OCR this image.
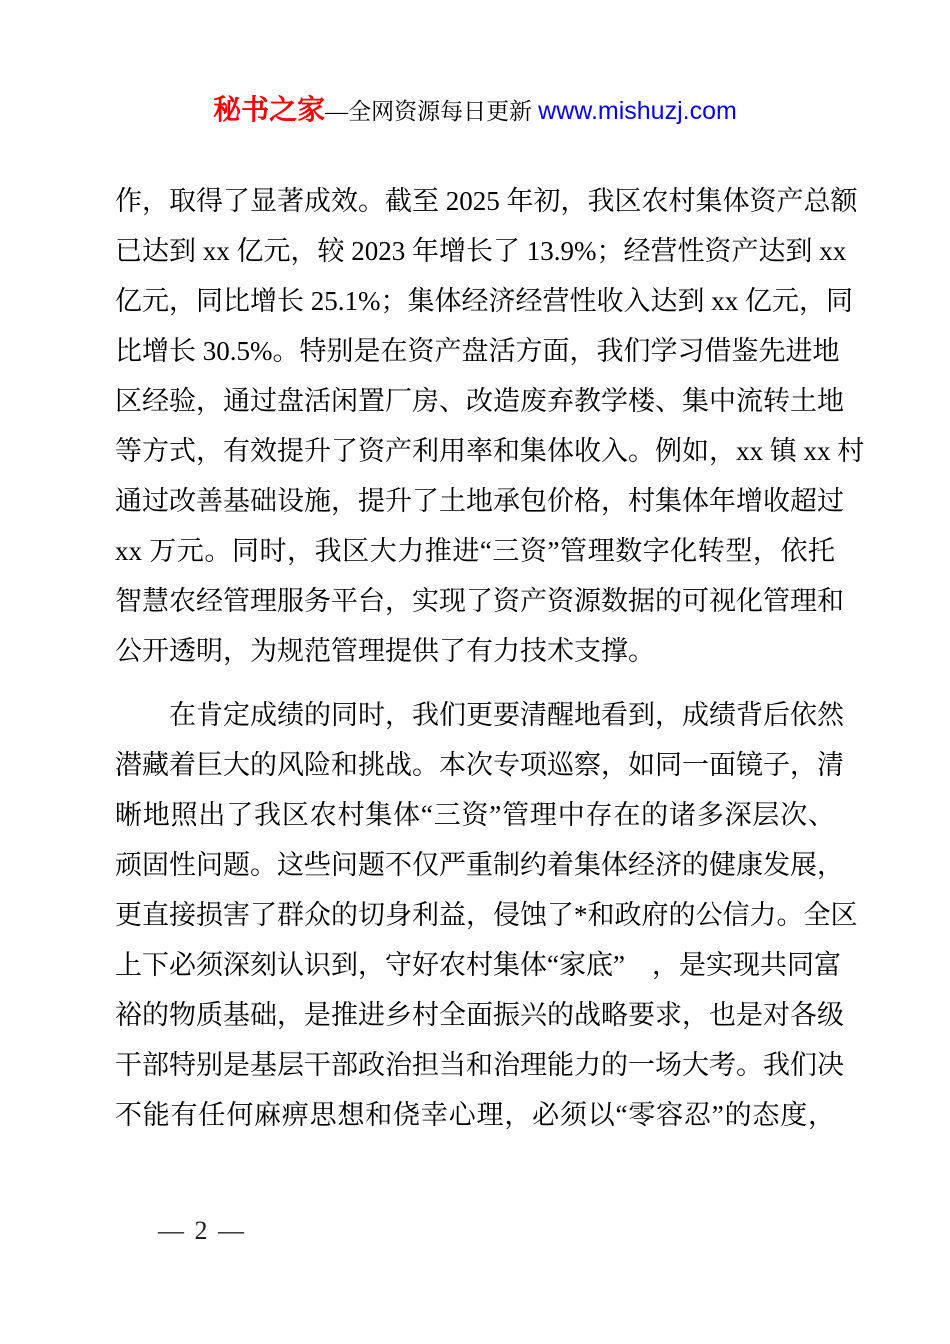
秘书之家—全网资源每日更新 www.mishuzj.com
作，取得了显著成效。截至 2025 年初，我区农村集体资产总额
已达到 xx 亿元，较 2023 年增长了 13.9%；经营性资产达到 xx
亿元，同比增长 25.1%；集体经济经营性收入达到 xx 亿元，同
比增长 30.5%。特别是在资产盘活方面，我们学习借鉴先进地
区经验，通过盘活闲置厂房、改造废弃教学楼、集中流转土地
等方式，有效提升了资产利用率和集体收入。例如，xx 镇 xx 村
通过改善基础设施，提升了土地承包价格，村集体年增收超过
xx 万元。同时，我区大力推进“三资”管理数字化转型，依托
智慧农经管理服务平台，实现了资产资源数据的可视化管理和
公开透明，为规范管理提供了有力技术支撑。
在肯定成绩的同时，我们更要清醒地看到，成绩背后依然
潜藏着巨大的风险和挑战。本次专项巡察，如同一面镜子，清
晰地照出了我区农村集体“三资”管理中存在的诸多深层次、
顽固性问题。这些问题不仅严重制约着集体经济的健康发展，
更直接损害了群众的切身利益，侵蚀了*和政府的公信力。全区
上下必须深刻认识到，守好农村集体“家底”　，是实现共同富
裕的物质基础，是推进乡村全面振兴的战略要求，也是对各级
干部特别是基层干部政治担当和治理能力的一场大考。我们决
不能有任何麻痹思想和侥幸心理，必须以“零容忍”的态度，
— 2 —
